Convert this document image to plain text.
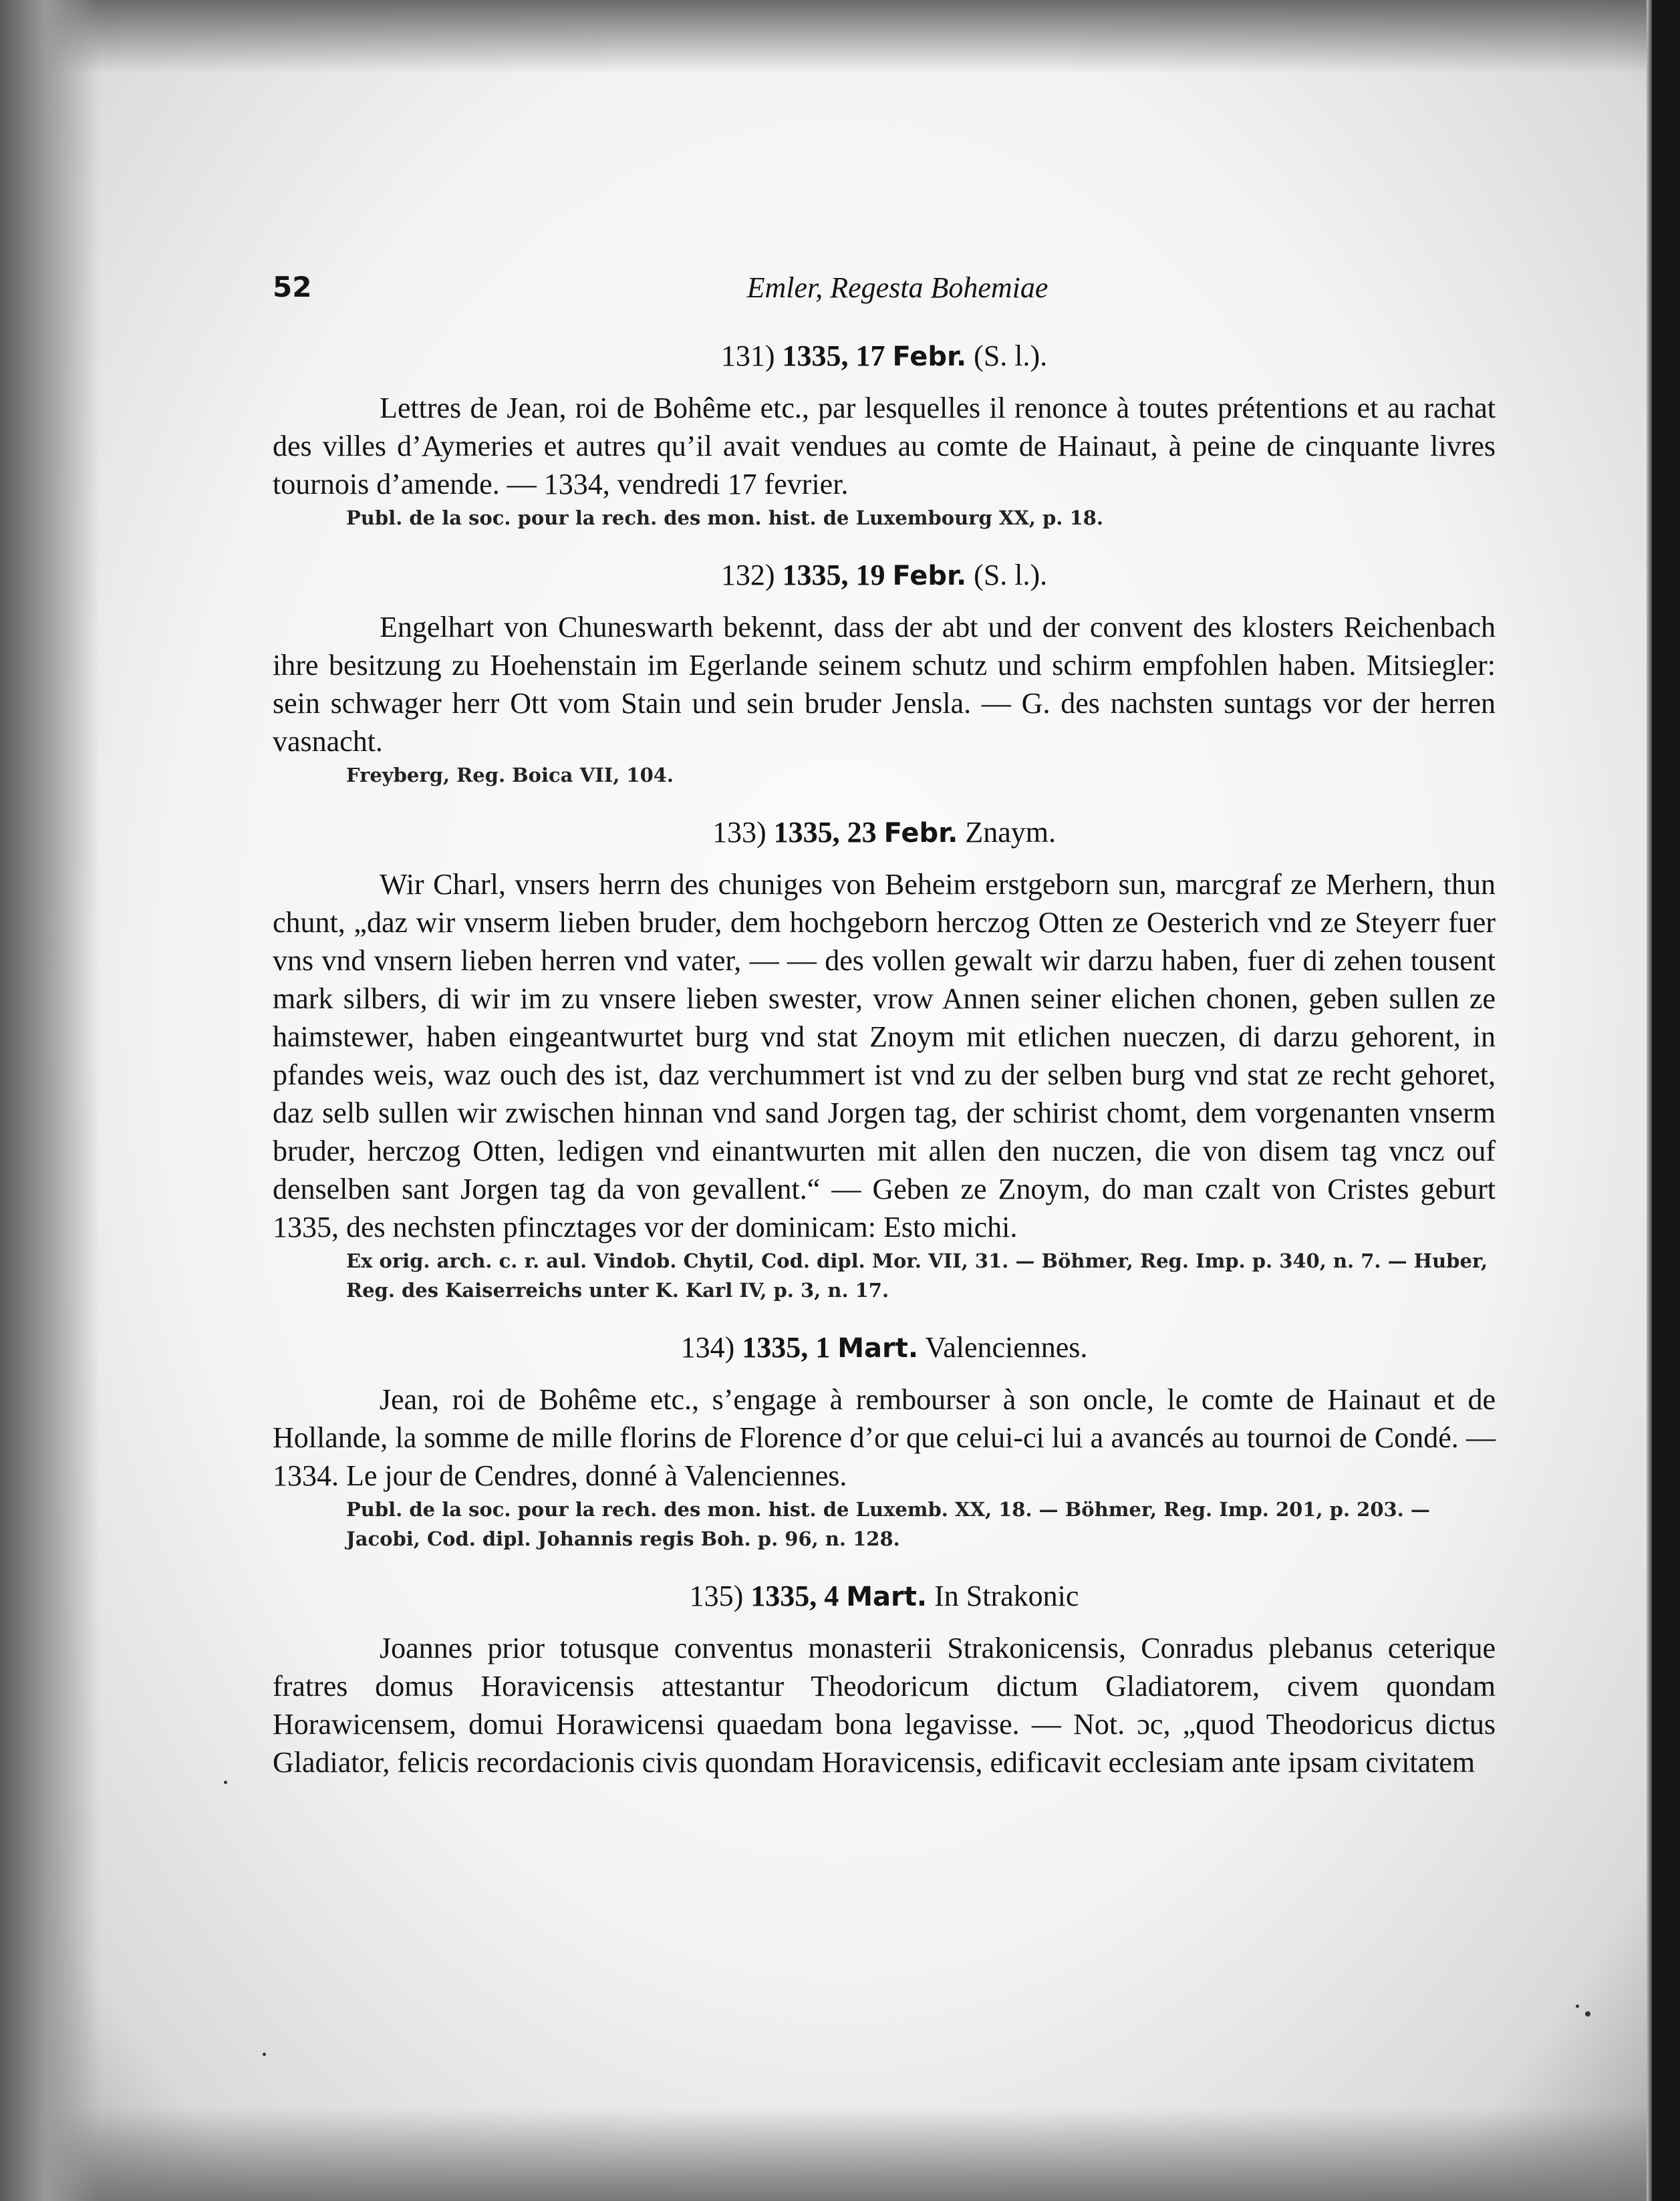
52	Emler, Regesta Bohemiae
131) 1335, 17 Febr. (S. l.).

Lettres de Jean, roi de Bohême etc., par lesquelles il renonce à toutes prétentions et au rachat des villes d’Aymeries et autres qu’il avait vendues au comte de Hainaut, à peine de cinquante livres tournois d’amende. — 1334, vendredi 17 fevrier.

Publ. de la soc. pour la rech. des mon. hist. de Luxembourg XX, p. 18.

132) 1335, 19 Febr. (S. l.).

Engelhart von Chuneswarth bekennt, dass der abt und der convent des klosters Reichenbach ihre besitzung zu Hoehenstain im Egerlande seinem schutz und schirm empfohlen haben. Mitsiegler: sein schwager herr Ott vom Stain und sein bruder Jensla. — G. des nachsten suntags vor der herren vasnacht.

Freyberg, Reg. Boica VII, 104.

133) 1335, 23 Febr. Znaym.

Wir Charl, vnsers herrn des chuniges von Beheim erstgeborn sun, marcgraf ze Merhern, thun chunt, „daz wir vnserm lieben bruder, dem hochgeborn herczog Otten ze Oesterich vnd ze Steyerr fuer vns vnd vnsern lieben herren vnd vater, — — des vollen gewalt wir darzu haben, fuer di zehen tousent mark silbers, di wir im zu vnsere lieben swester, vrow Annen seiner elichen chonen, geben sullen ze haimstewer, haben eingeantwurtet burg vnd stat Znoym mit etlichen nueczen, di darzu gehorent, in pfandes weis, waz ouch des ist, daz verchummert ist vnd zu der selben burg vnd stat ze recht gehoret, daz selb sullen wir zwischen hinnan vnd sand Jorgen tag, der schirist chomt, dem vorgenanten vnserm bruder, herczog Otten, ledigen vnd einantwurten mit allen den nuczen, die von disem tag vncz ouf denselben sant Jorgen tag da von gevallent.“ — Geben ze Znoym, do man czalt von Cristes geburt 1335, des nechsten pfincztages vor der dominicam: Esto michi.

Ex orig. arch. c. r. aul. Vindob. Chytil, Cod. dipl. Mor. VII, 31. — Böhmer, Reg. Imp. p. 340, n. 7. — Huber, Reg. des Kaiserreichs unter K. Karl IV, p. 3, n. 17.

134) 1335, 1 Mart. Valenciennes.

Jean, roi de Bohême etc., s’engage à rembourser à son oncle, le comte de Hainaut et de Hollande, la somme de mille florins de Florence d’or que celui-ci lui a avancés au tournoi de Condé. — 1334. Le jour de Cendres, donné à Valenciennes.

Publ. de la soc. pour la rech. des mon. hist. de Luxemb. XX, 18. — Böhmer, Reg. Imp. 201, p. 203. — Jacobi, Cod. dipl. Johannis regis Boh. p. 96, n. 128.

135) 1335, 4 Mart. In Strakonic

Joannes prior totusque conventus monasterii Strakonicensis, Conradus plebanus ceterique fratres domus Horavicensis attestantur Theodoricum dictum Gladiatorem, civem quondam Horawicensem, domui Horawicensi quaedam bona legavisse. — Not. ɔc, „quod Theodoricus dictus Gladiator, felicis recordacionis civis quondam Horavicensis, edificavit ecclesiam ante ipsam civitatem
